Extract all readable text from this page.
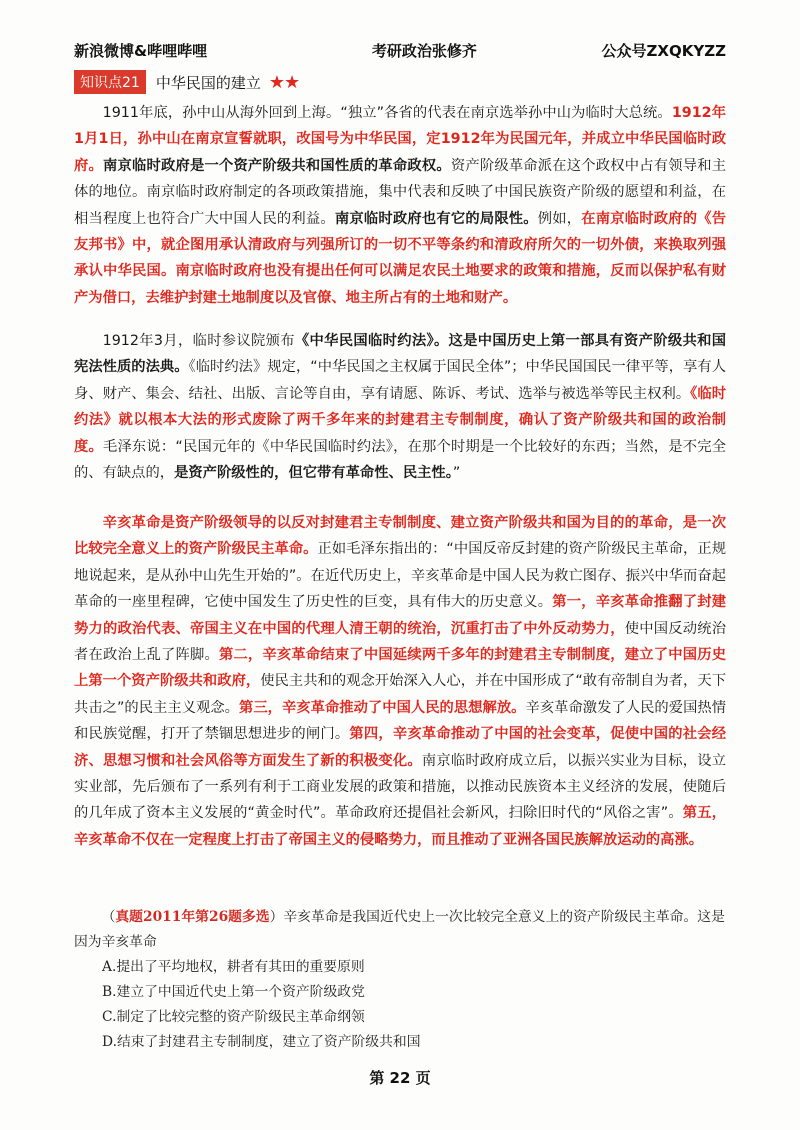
新浪微博&哔哩哔哩	考研政治张修齐	公众号ZXQKYZZ
知识点21	中华民国的建立 ★★
1911年底，孙中山从海外回到上海。“独立”各省的代表在南京选举孙中山为临时大总统。1912年1月1日，孙中山在南京宣誓就职，改国号为中华民国，定1912年为民国元年，并成立中华民国临时政府。南京临时政府是一个资产阶级共和国性质的革命政权。资产阶级革命派在这个政权中占有领导和主体的地位。南京临时政府制定的各项政策措施，集中代表和反映了中国民族资产阶级的愿望和利益，在相当程度上也符合广大中国人民的利益。南京临时政府也有它的局限性。例如，在南京临时政府的《告友邦书》中，就企图用承认清政府与列强所订的一切不平等条约和清政府所欠的一切外债，来换取列强承认中华民国。南京临时政府也没有提出任何可以满足农民土地要求的政策和措施，反而以保护私有财产为借口，去维护封建土地制度以及官僚、地主所占有的土地和财产。
1912年3月，临时参议院颁布《中华民国临时约法》。这是中国历史上第一部具有资产阶级共和国宪法性质的法典。《临时约法》规定，“中华民国之主权属于国民全体”；中华民国国民一律平等，享有人身、财产、集会、结社、出版、言论等自由，享有请愿、陈诉、考试、选举与被选举等民主权利。《临时约法》就以根本大法的形式废除了两千多年来的封建君主专制制度，确认了资产阶级共和国的政治制度。毛泽东说：“民国元年的《中华民国临时约法》，在那个时期是一个比较好的东西；当然，是不完全的、有缺点的，是资产阶级性的，但它带有革命性、民主性。”
辛亥革命是资产阶级领导的以反对封建君主专制制度、建立资产阶级共和国为目的的革命，是一次比较完全意义上的资产阶级民主革命。正如毛泽东指出的：“中国反帝反封建的资产阶级民主革命，正规地说起来，是从孙中山先生开始的”。在近代历史上，辛亥革命是中国人民为救亡图存、振兴中华而奋起革命的一座里程碑，它使中国发生了历史性的巨变，具有伟大的历史意义。第一，辛亥革命推翻了封建势力的政治代表、帝国主义在中国的代理人清王朝的统治，沉重打击了中外反动势力，使中国反动统治者在政治上乱了阵脚。第二，辛亥革命结束了中国延续两千多年的封建君主专制制度，建立了中国历史上第一个资产阶级共和政府，使民主共和的观念开始深入人心，并在中国形成了“敢有帝制自为者，天下共击之”的民主主义观念。第三，辛亥革命推动了中国人民的思想解放。辛亥革命激发了人民的爱国热情和民族觉醒，打开了禁锢思想进步的闸门。第四，辛亥革命推动了中国的社会变革，促使中国的社会经济、思想习惯和社会风俗等方面发生了新的积极变化。南京临时政府成立后，以振兴实业为目标，设立实业部，先后颁布了一系列有利于工商业发展的政策和措施，以推动民族资本主义经济的发展，使随后的几年成了资本主义发展的“黄金时代”。革命政府还提倡社会新风，扫除旧时代的“风俗之害”。第五，辛亥革命不仅在一定程度上打击了帝国主义的侵略势力，而且推动了亚洲各国民族解放运动的高涨。
（真题2011年第26题多选）辛亥革命是我国近代史上一次比较完全意义上的资产阶级民主革命。这是因为辛亥革命
A.提出了平均地权，耕者有其田的重要原则
B.建立了中国近代史上第一个资产阶级政党
C.制定了比较完整的资产阶级民主革命纲领
D.结束了封建君主专制制度，建立了资产阶级共和国
第 22 页
